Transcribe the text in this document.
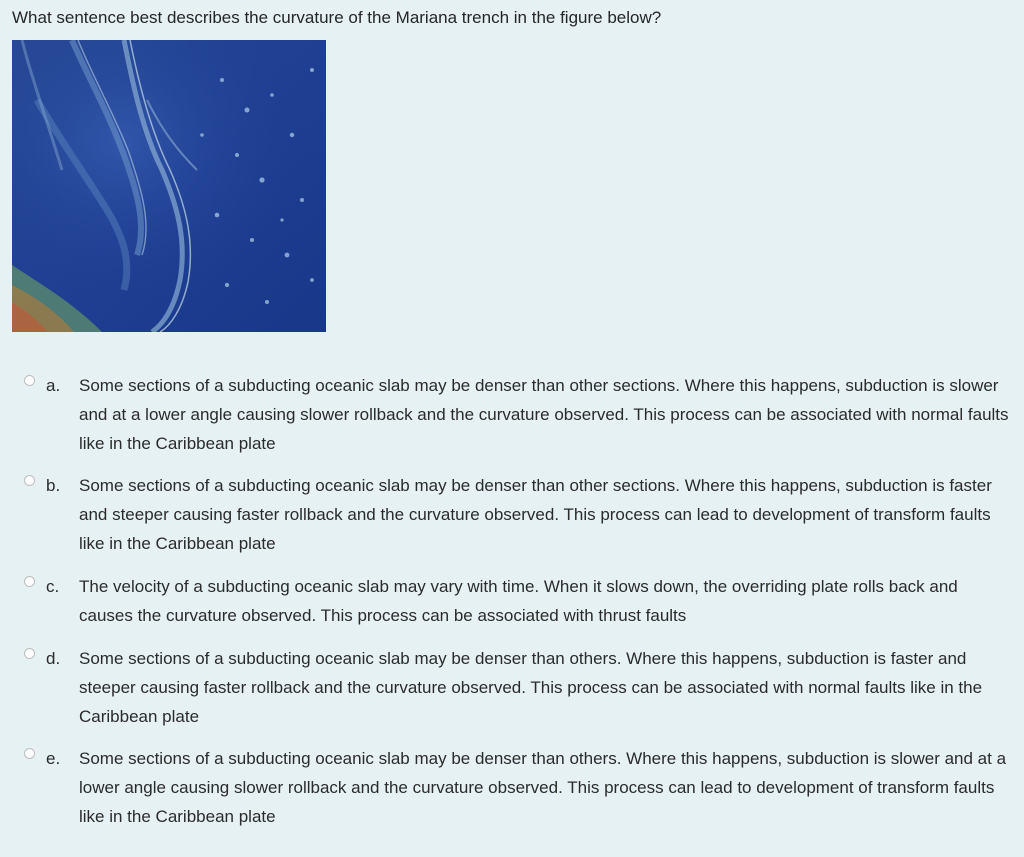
What sentence best describes the curvature of the Mariana trench in the figure below?
a. Some sections of a subducting oceanic slab may be denser than other sections. Where this happens, subduction is slower and at a lower angle causing slower rollback and the curvature observed. This process can be associated with normal faults like in the Caribbean plate
b. Some sections of a subducting oceanic slab may be denser than other sections. Where this happens, subduction is faster and steeper causing faster rollback and the curvature observed. This process can lead to development of transform faults like in the Caribbean plate
c. The velocity of a subducting oceanic slab may vary with time. When it slows down, the overriding plate rolls back and causes the curvature observed. This process can be associated with thrust faults
d. Some sections of a subducting oceanic slab may be denser than others. Where this happens, subduction is faster and steeper causing faster rollback and the curvature observed. This process can be associated with normal faults like in the Caribbean plate
e. Some sections of a subducting oceanic slab may be denser than others. Where this happens, subduction is slower and at a lower angle causing slower rollback and the curvature observed. This process can lead to development of transform faults like in the Caribbean plate
